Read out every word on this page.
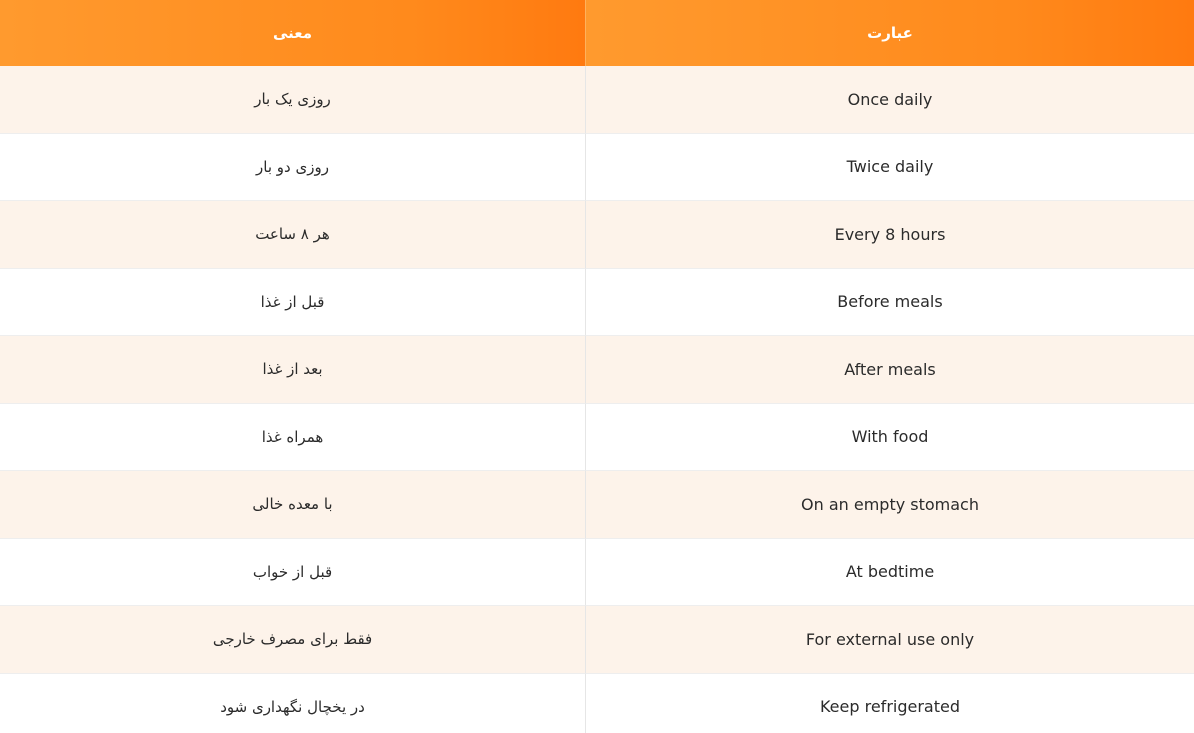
معنی	عبارت
روزی یک بار	Once daily
روزی دو بار	Twice daily
هر ۸ ساعت	Every 8 hours
قبل از غذا	Before meals
بعد از غذا	After meals
همراه غذا	With food
با معده خالی	On an empty stomach
قبل از خواب	At bedtime
فقط برای مصرف خارجی	For external use only
در یخچال نگهداری شود	Keep refrigerated
